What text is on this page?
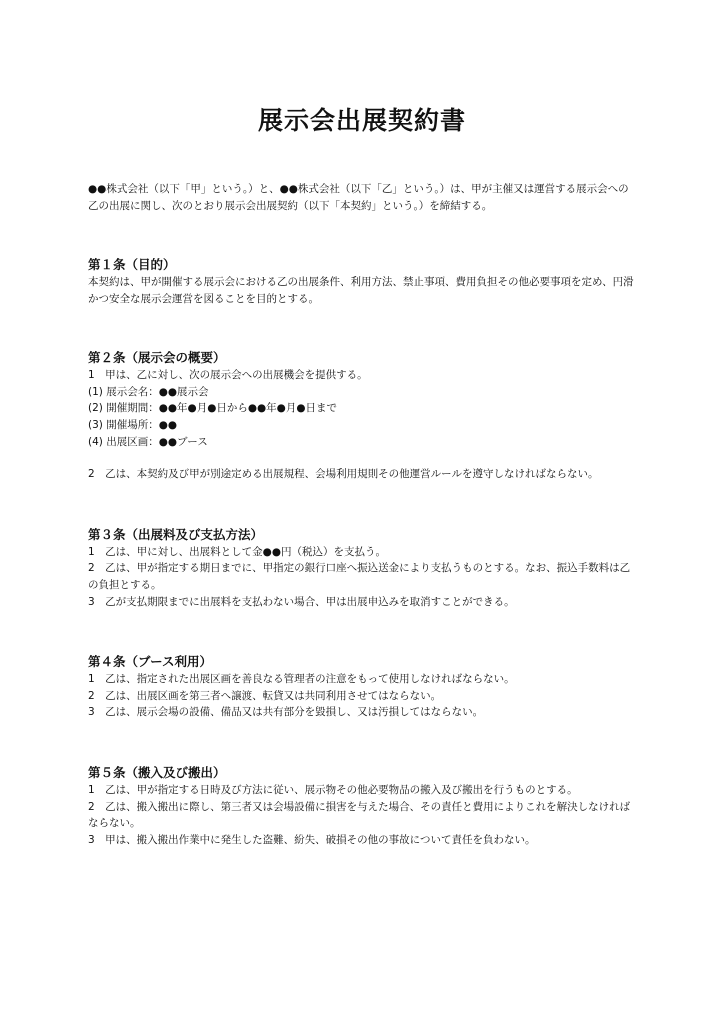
展示会出展契約書
●●株式会社（以下「甲」という。）と、●●株式会社（以下「乙」という。）は、甲が主催又は運営する展示会への乙の出展に関し、次のとおり展示会出展契約（以下「本契約」という。）を締結する。
第１条（目的）

本契約は、甲が開催する展示会における乙の出展条件、利用方法、禁止事項、費用負担その他必要事項を定め、円滑かつ安全な展示会運営を図ることを目的とする。

第２条（展示会の概要）

1　甲は、乙に対し、次の展示会への出展機会を提供する。

(1) 展示会名：●●展示会

(2) 開催期間：●●年●月●日から●●年●月●日まで

(3) 開催場所：●●

(4) 出展区画：●●ブース

2　乙は、本契約及び甲が別途定める出展規程、会場利用規則その他運営ルールを遵守しなければならない。

第３条（出展料及び支払方法）

1　乙は、甲に対し、出展料として金●●円（税込）を支払う。

2　乙は、甲が指定する期日までに、甲指定の銀行口座へ振込送金により支払うものとする。なお、振込手数料は乙の負担とする。

3　乙が支払期限までに出展料を支払わない場合、甲は出展申込みを取消すことができる。

第４条（ブース利用）

1　乙は、指定された出展区画を善良なる管理者の注意をもって使用しなければならない。

2　乙は、出展区画を第三者へ譲渡、転貸又は共同利用させてはならない。

3　乙は、展示会場の設備、備品又は共有部分を毀損し、又は汚損してはならない。

第５条（搬入及び搬出）

1　乙は、甲が指定する日時及び方法に従い、展示物その他必要物品の搬入及び搬出を行うものとする。

2　乙は、搬入搬出に際し、第三者又は会場設備に損害を与えた場合、その責任と費用によりこれを解決しなければならない。

3　甲は、搬入搬出作業中に発生した盗難、紛失、破損その他の事故について責任を負わない。
